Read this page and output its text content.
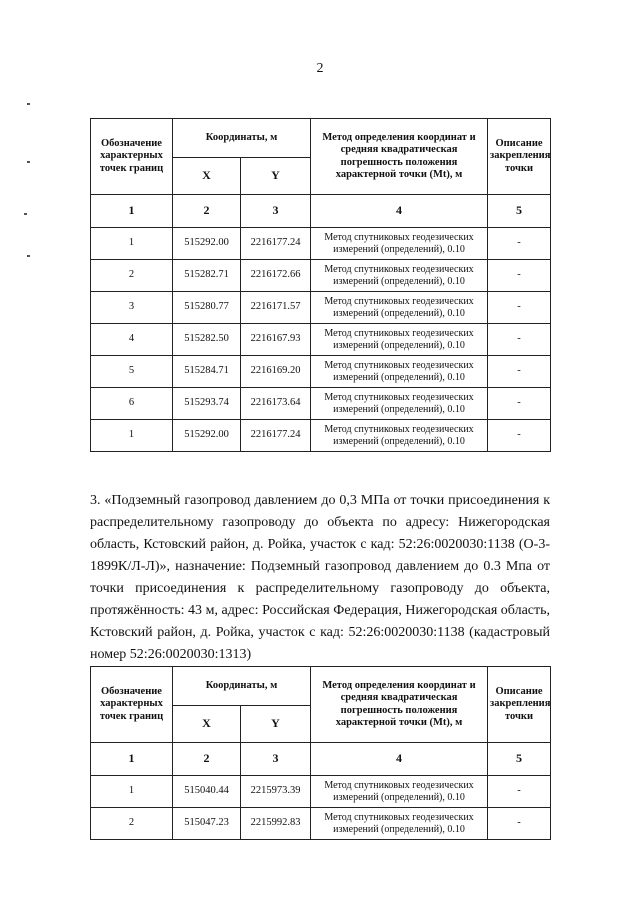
2
Обозначение характерных точек границ	Координаты, м		Метод определения координат и средняя квадратическая погрешность положения характерной точки (Mt), м	Описание закрепления точки
	X	Y		
1	2	3	4	5
1	515292.00	2216177.24	Метод спутниковых геодезических измерений (определений), 0.10	-
2	515282.71	2216172.66	Метод спутниковых геодезических измерений (определений), 0.10	-
3	515280.77	2216171.57	Метод спутниковых геодезических измерений (определений), 0.10	-
4	515282.50	2216167.93	Метод спутниковых геодезических измерений (определений), 0.10	-
5	515284.71	2216169.20	Метод спутниковых геодезических измерений (определений), 0.10	-
6	515293.74	2216173.64	Метод спутниковых геодезических измерений (определений), 0.10	-
1	515292.00	2216177.24	Метод спутниковых геодезических измерений (определений), 0.10	-

3. «Подземный газопровод давлением до 0,3 МПа от точки присоединения к распределительному газопроводу до объекта по адресу: Нижегородская область, Кстовский район, д. Ройка, участок с кад: 52:26:0020030:1138 (О-3-1899К/Л-Л)», назначение: Подземный газопровод давлением до 0.3 Мпа от точки присоединения к распределительному газопроводу до объекта, протяжённость: 43 м, адрес: Российская Федерация, Нижегородская область, Кстовский район, д. Ройка, участок с кад: 52:26:0020030:1138 (кадастровый номер 52:26:0020030:1313)

Обозначение характерных точек границ	Координаты, м		Метод определения координат и средняя квадратическая погрешность положения характерной точки (Mt), м	Описание закрепления точки
	X	Y		
1	2	3	4	5
1	515040.44	2215973.39	Метод спутниковых геодезических измерений (определений), 0.10	-
2	515047.23	2215992.83	Метод спутниковых геодезических измерений (определений), 0.10	-
